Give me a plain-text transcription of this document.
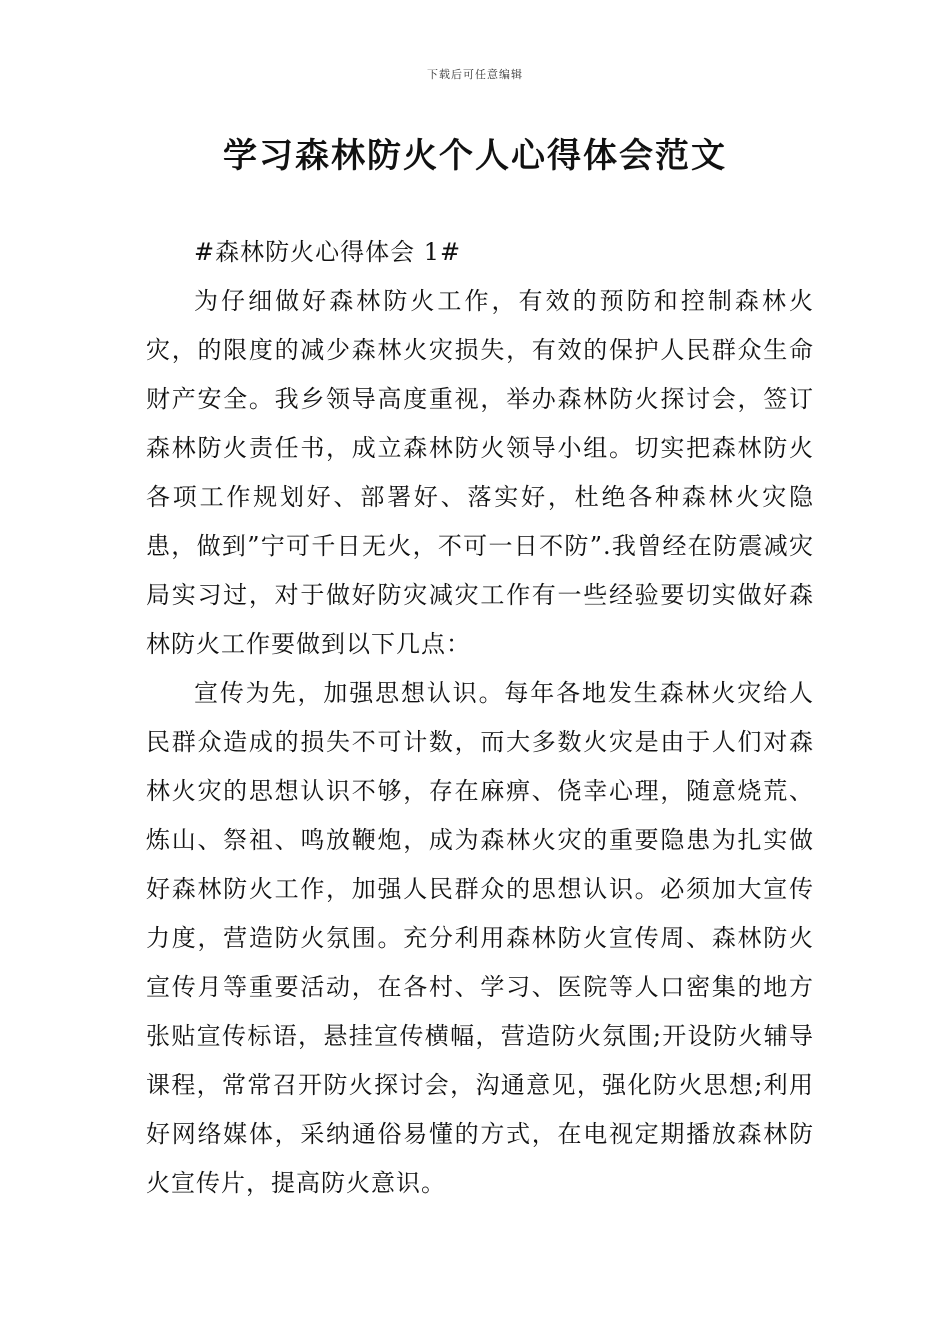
下载后可任意编辑
学习森林防火个人心得体会范文

#森林防火心得体会 1#

为仔细做好森林防火工作，有效的预防和控制森林火灾，的限度的减少森林火灾损失，有效的保护人民群众生命财产安全。我乡领导高度重视，举办森林防火探讨会，签订森林防火责任书，成立森林防火领导小组。切实把森林防火各项工作规划好、部署好、落实好，杜绝各种森林火灾隐患，做到”宁可千日无火，不可一日不防”.我曾经在防震减灾局实习过，对于做好防灾减灾工作有一些经验要切实做好森林防火工作要做到以下几点：

宣传为先，加强思想认识。每年各地发生森林火灾给人民群众造成的损失不可计数，而大多数火灾是由于人们对森林火灾的思想认识不够，存在麻痹、侥幸心理，随意烧荒、炼山、祭祖、鸣放鞭炮，成为森林火灾的重要隐患为扎实做好森林防火工作，加强人民群众的思想认识。必须加大宣传力度，营造防火氛围。充分利用森林防火宣传周、森林防火宣传月等重要活动，在各村、学习、医院等人口密集的地方张贴宣传标语，悬挂宣传横幅，营造防火氛围;开设防火辅导课程，常常召开防火探讨会，沟通意见，强化防火思想;利用好网络媒体，采纳通俗易懂的方式，在电视定期播放森林防火宣传片，提高防火意识。
